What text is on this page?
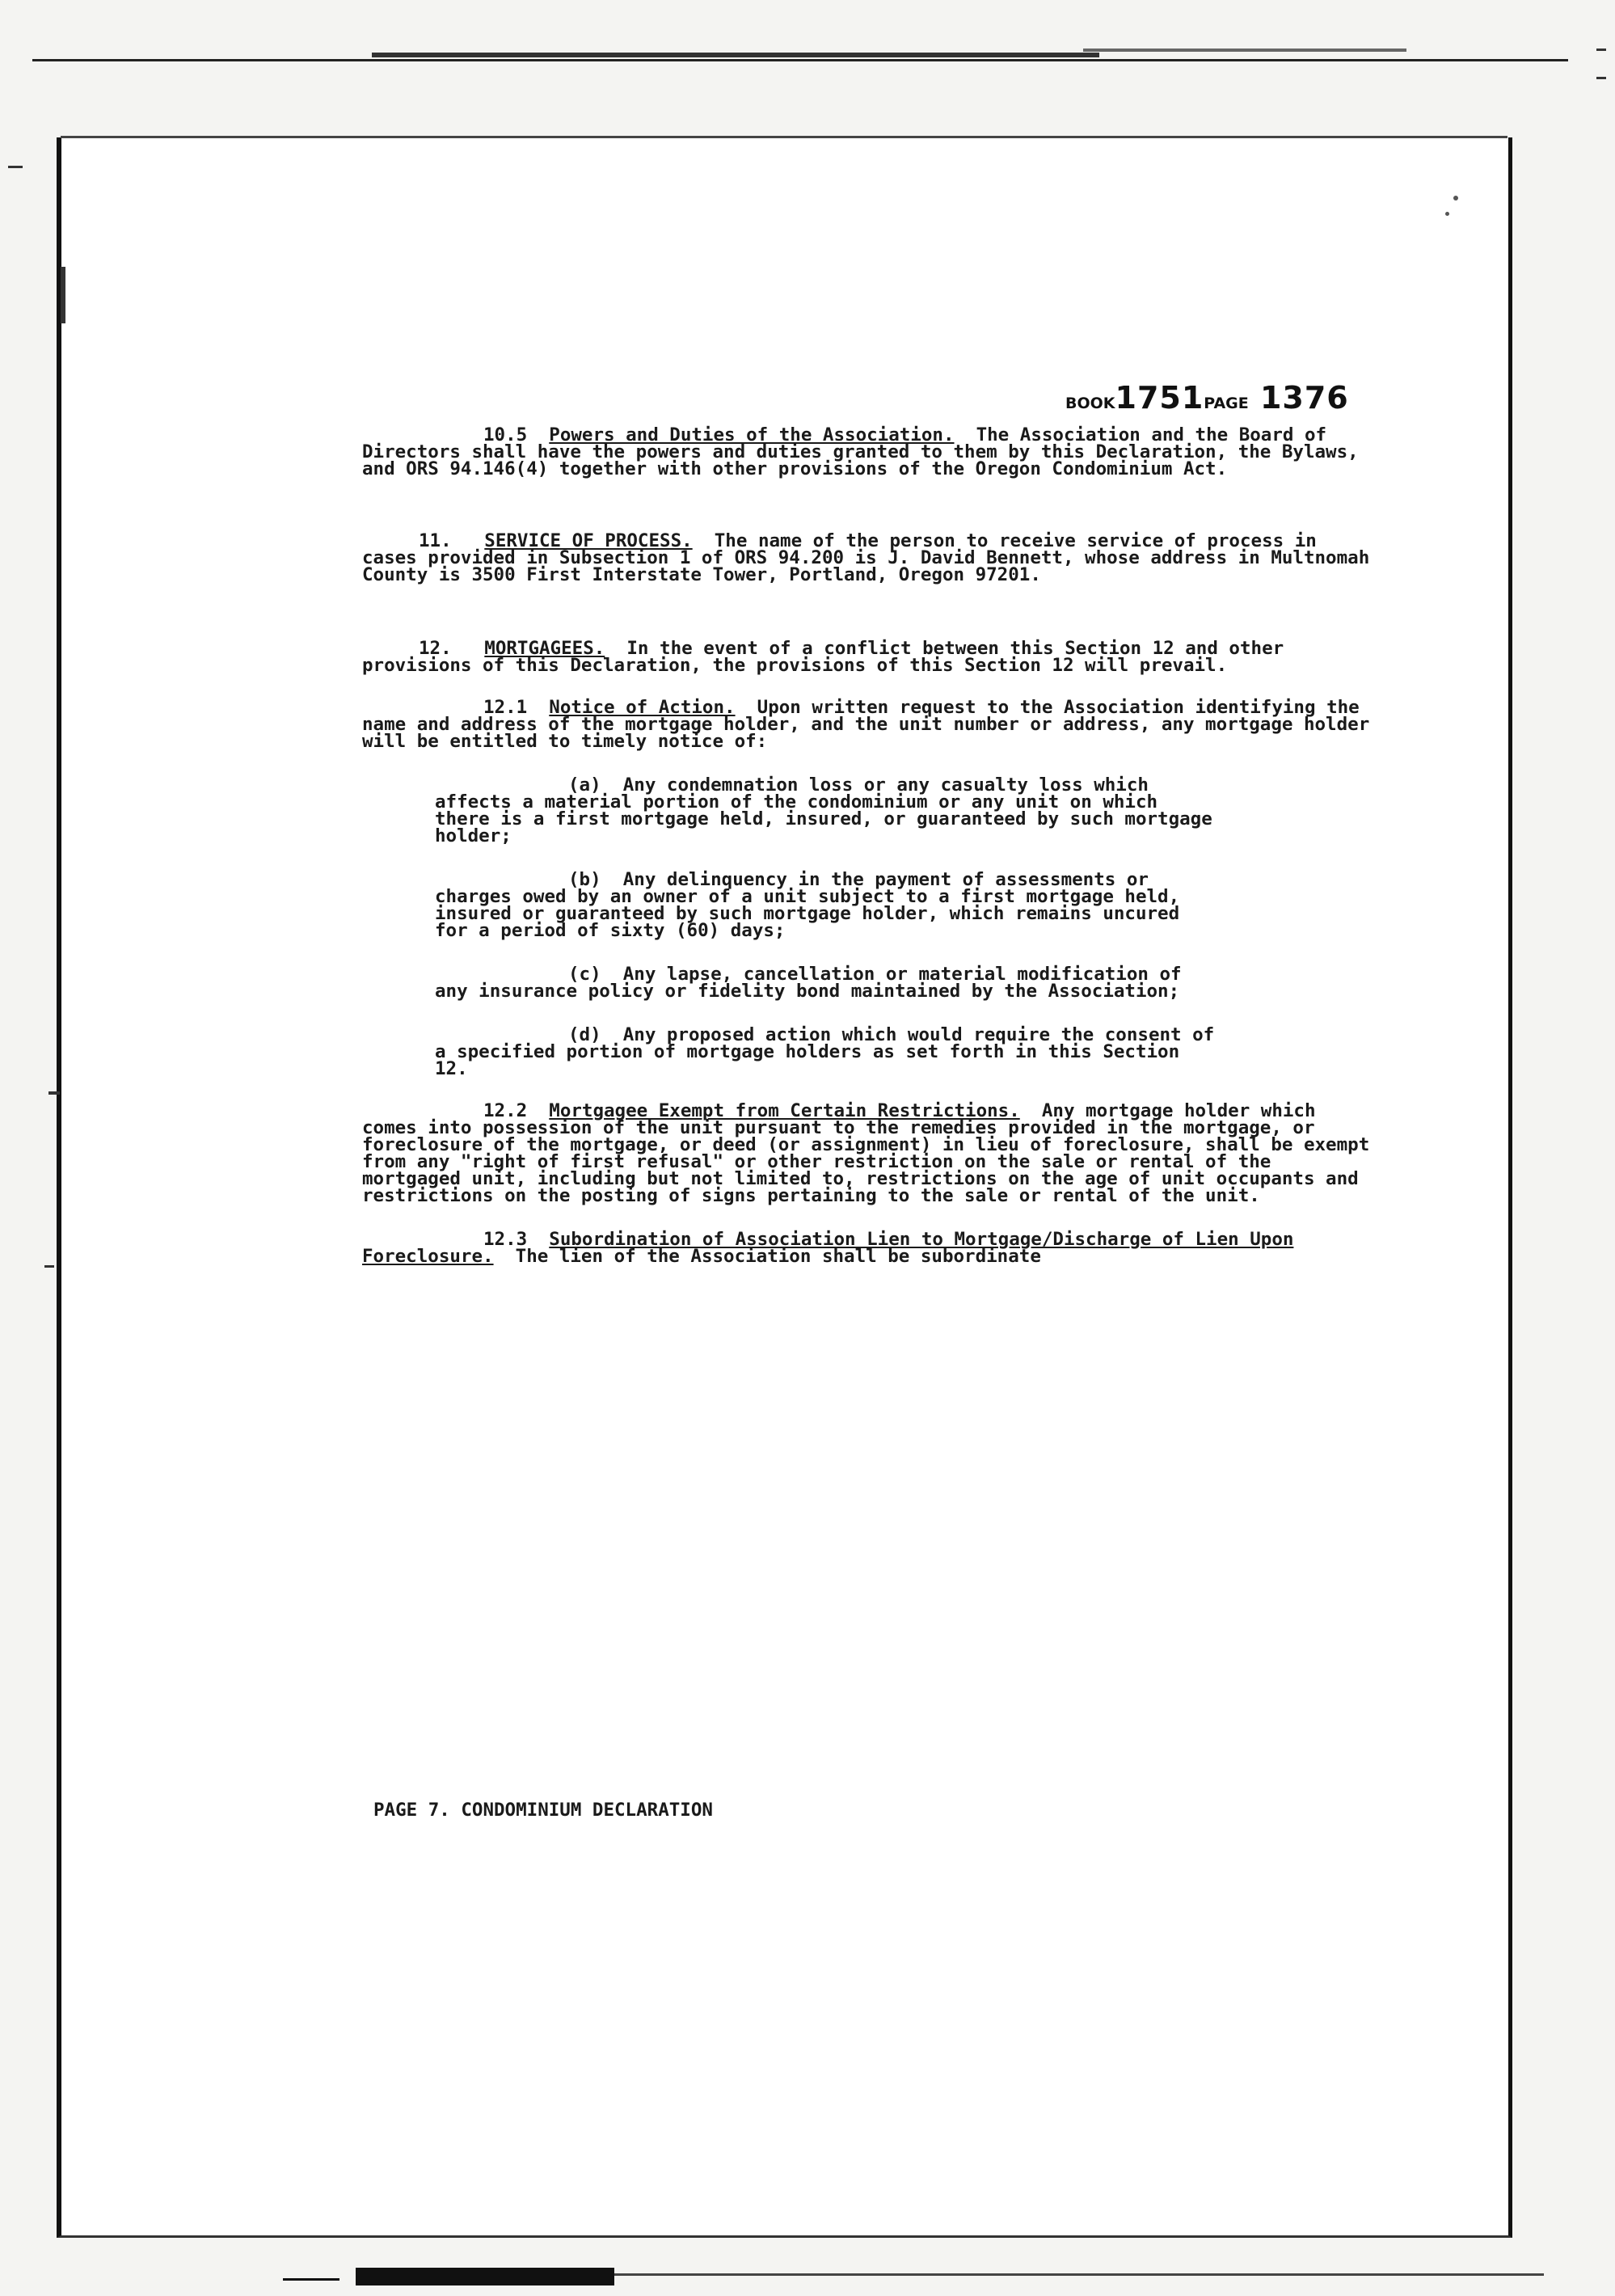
BOOK1751PAGE 1376

10.5 Powers and Duties of the Association. The Association and the Board of Directors shall have the powers and duties granted to them by this Declaration, the Bylaws, and ORS 94.146(4) together with other provisions of the Oregon Condominium Act.

11. SERVICE OF PROCESS. The name of the person to receive service of process in cases provided in Subsection 1 of ORS 94.200 is J. David Bennett, whose address in Multnomah County is 3500 First Interstate Tower, Portland, Oregon 97201.

12. MORTGAGEES. In the event of a conflict between this Section 12 and other provisions of this Declaration, the provisions of this Section 12 will prevail.

12.1 Notice of Action. Upon written request to the Association identifying the name and address of the mortgage holder, and the unit number or address, any mortgage holder will be entitled to timely notice of:

(a) Any condemnation loss or any casualty loss which affects a material portion of the condominium or any unit on which there is a first mortgage held, insured, or guaranteed by such mortgage holder;

(b) Any delinquency in the payment of assessments or charges owed by an owner of a unit subject to a first mortgage held, insured or guaranteed by such mortgage holder, which remains uncured for a period of sixty (60) days;

(c) Any lapse, cancellation or material modification of any insurance policy or fidelity bond maintained by the Association;

(d) Any proposed action which would require the consent of a specified portion of mortgage holders as set forth in this Section 12.

12.2 Mortgagee Exempt from Certain Restrictions. Any mortgage holder which comes into possession of the unit pursuant to the remedies provided in the mortgage, or foreclosure of the mortgage, or deed (or assignment) in lieu of foreclosure, shall be exempt from any "right of first refusal" or other restriction on the sale or rental of the mortgaged unit, including but not limited to, restrictions on the age of unit occupants and restrictions on the posting of signs pertaining to the sale or rental of the unit.

12.3 Subordination of Association Lien to Mortgage/Discharge of Lien Upon Foreclosure. The lien of the Association shall be subordinate

PAGE 7. CONDOMINIUM DECLARATION
